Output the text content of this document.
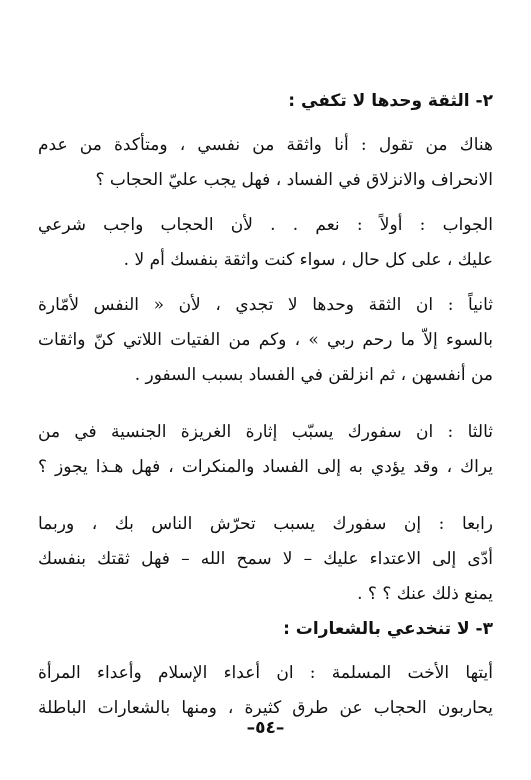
٢- الثقة وحدها لا تكفي :

هناك من تقول : أنا واثقة من نفسي ، ومتأكدة من عدم
الانحراف والانزلاق في الفساد ، فهل يجب عليّ الحجاب ؟

الجواب : أولاً : نعم . . لأن الحجاب واجب شرعي
عليك ، على كل حال ، سواء كنت واثقة بنفسك أم لا .

ثانياً : ان الثقة وحدها لا تجدي ، لأن « النفس لأمّارة
بالسوء إلاّ ما رحم ربي » ، وكم من الفتيات اللاتي كنّ واثقات
من أنفسهن ، ثم انزلقن في الفساد بسبب السفور .

ثالثا : ان سفورك يسبّب إثارة الغريزة الجنسية في من
يراك ، وقد يؤدي به إلى الفساد والمنكرات ، فهل هـذا يجوز ؟

رابعا : إن سفورك يسبب تحرّش الناس بك ، وربما
أدّى إلى الاعتداء عليك – لا سمح الله – فهل ثقتك بنفسك
يمنع ذلك عنك ؟ ؟ .

٣- لا تنخدعي بالشعارات :

أيتها الأخت المسلمة : ان أعداء الإسلام وأعداء المرأة
يحاربون الحجاب عن طرق كثيرة ، ومنها بالشعارات الباطلة

–٥٤–
